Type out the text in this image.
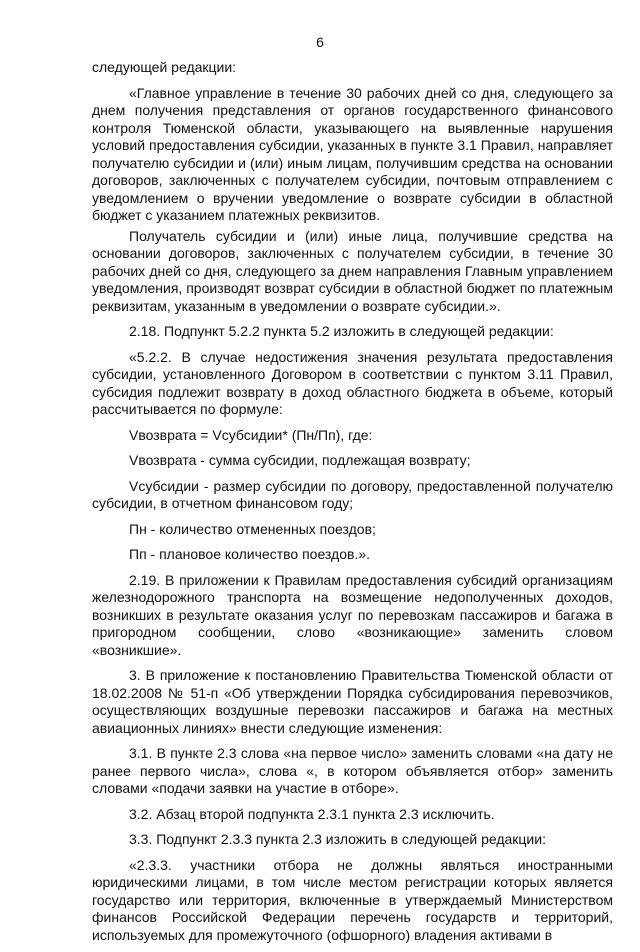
6

следующей редакции:

«Главное управление в течение 30 рабочих дней со дня, следующего за днем получения представления от органов государственного финансового контроля Тюменской области, указывающего на выявленные нарушения условий предоставления субсидии, указанных в пункте 3.1 Правил, направляет получателю субсидии и (или) иным лицам, получившим средства на основании договоров, заключенных с получателем субсидии, почтовым отправлением с уведомлением о вручении уведомление о возврате субсидии в областной бюджет с указанием платежных реквизитов.

Получатель субсидии и (или) иные лица, получившие средства на основании договоров, заключенных с получателем субсидии, в течение 30 рабочих дней со дня, следующего за днем направления Главным управлением уведомления, производят возврат субсидии в областной бюджет по платежным реквизитам, указанным в уведомлении о возврате субсидии.».

2.18. Подпункт 5.2.2 пункта 5.2 изложить в следующей редакции:

«5.2.2. В случае недостижения значения результата предоставления субсидии, установленного Договором в соответствии с пунктом 3.11 Правил, субсидия подлежит возврату в доход областного бюджета в объеме, который рассчитывается по формуле:

Vвозврата = Vсубсидии* (Пн/Пп), где:

Vвозврата - сумма субсидии, подлежащая возврату;

Vсубсидии - размер субсидии по договору, предоставленной получателю субсидии, в отчетном финансовом году;

Пн - количество отмененных поездов;

Пп - плановое количество поездов.».

2.19. В приложении к Правилам предоставления субсидий организациям железнодорожного транспорта на возмещение недополученных доходов, возникших в результате оказания услуг по перевозкам пассажиров и багажа в пригородном сообщении, слово «возникающие» заменить словом «возникшие».

3. В приложение к постановлению Правительства Тюменской области от 18.02.2008 № 51-п «Об утверждении Порядка субсидирования перевозчиков, осуществляющих воздушные перевозки пассажиров и багажа на местных авиационных линиях» внести следующие изменения:

3.1. В пункте 2.3 слова «на первое число» заменить словами «на дату не ранее первого числа», слова «, в котором объявляется отбор» заменить словами «подачи заявки на участие в отборе».

3.2. Абзац второй подпункта 2.3.1 пункта 2.3 исключить.

3.3. Подпункт 2.3.3 пункта 2.3 изложить в следующей редакции:

«2.3.3. участники отбора не должны являться иностранными юридическими лицами, в том числе местом регистрации которых является государство или территория, включенные в утверждаемый Министерством финансов Российской Федерации перечень государств и территорий, используемых для промежуточного (офшорного) владения активами в
